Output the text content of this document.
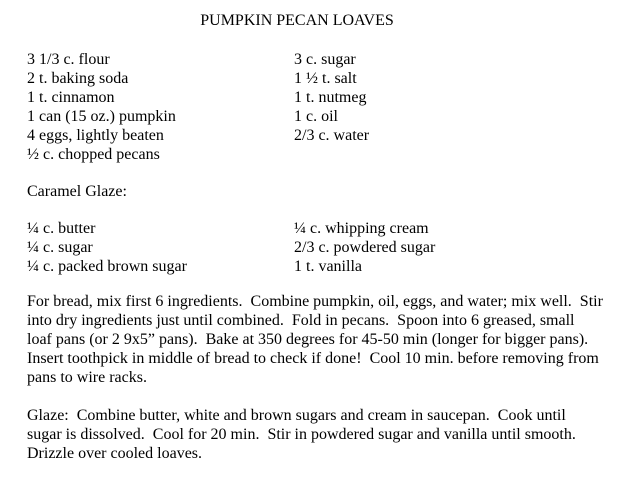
PUMPKIN PECAN LOAVES
3 1/3 c. flour	3 c. sugar
2 t. baking soda	1 ½ t. salt
1 t. cinnamon	1 t. nutmeg
1 can (15 oz.) pumpkin	1 c. oil
4 eggs, lightly beaten	2/3 c. water
½ c. chopped pecans
Caramel Glaze:
¼ c. butter	¼ c. whipping cream
¼ c. sugar	2/3 c. powdered sugar
¼ c. packed brown sugar	1 t. vanilla
For bread, mix first 6 ingredients.  Combine pumpkin, oil, eggs, and water; mix well.  Stir
into dry ingredients just until combined.  Fold in pecans.  Spoon into 6 greased, small
loaf pans (or 2 9x5” pans).  Bake at 350 degrees for 45-50 min (longer for bigger pans).
Insert toothpick in middle of bread to check if done!  Cool 10 min. before removing from
pans to wire racks.
Glaze:  Combine butter, white and brown sugars and cream in saucepan.  Cook until
sugar is dissolved.  Cool for 20 min.  Stir in powdered sugar and vanilla until smooth.
Drizzle over cooled loaves.
